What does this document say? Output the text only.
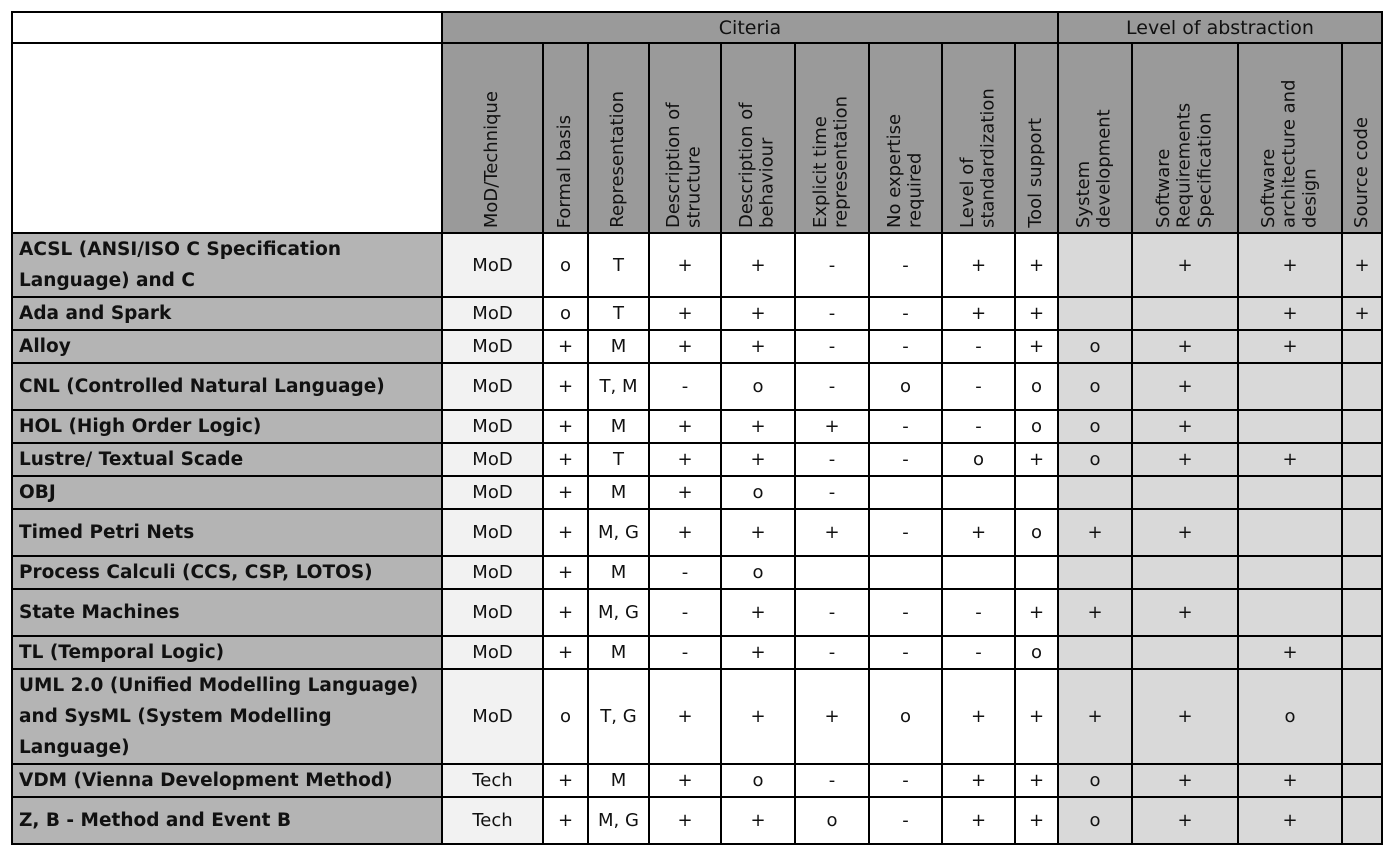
	Citeria									Level of abstraction			

	MoD/Technique	Formal basis	Representation	Description of structure	Description of behaviour	Explicit time representation	No expertise required	Level of standardization	Tool support	System development	Software Requirements Specification	Software architecture and design	Source code

ACSL (ANSI/ISO C Specification Language) and C	MoD	o	T	+	+	-	-	+	+		+	+	+
Ada and Spark	MoD	o	T	+	+	-	-	+	+			+	+
Alloy	MoD	+	M	+	+	-	-	-	+	o	+	+	
CNL (Controlled Natural Language)	MoD	+	T, M	-	o	-	o	-	o	o	+		
HOL (High Order Logic)	MoD	+	M	+	+	+	-	-	o	o	+		
Lustre/ Textual Scade	MoD	+	T	+	+	-	-	o	+	o	+	+	
OBJ	MoD	+	M	+	o	-							
Timed Petri Nets	MoD	+	M, G	+	+	+	-	+	o	+	+		
Process Calculi (CCS, CSP, LOTOS)	MoD	+	M	-	o								
State Machines	MoD	+	M, G	-	+	-	-	-	+	+	+		
TL (Temporal Logic)	MoD	+	M	-	+	-	-	-	o			+	
UML 2.0 (Unified Modelling Language) and SysML (System Modelling Language)	MoD	o	T, G	+	+	+	o	+	+	+	+	o	
VDM (Vienna Development Method)	Tech	+	M	+	o	-	-	+	+	o	+	+	
Z, B - Method and Event B	Tech	+	M, G	+	+	o	-	+	+	o	+	+	
